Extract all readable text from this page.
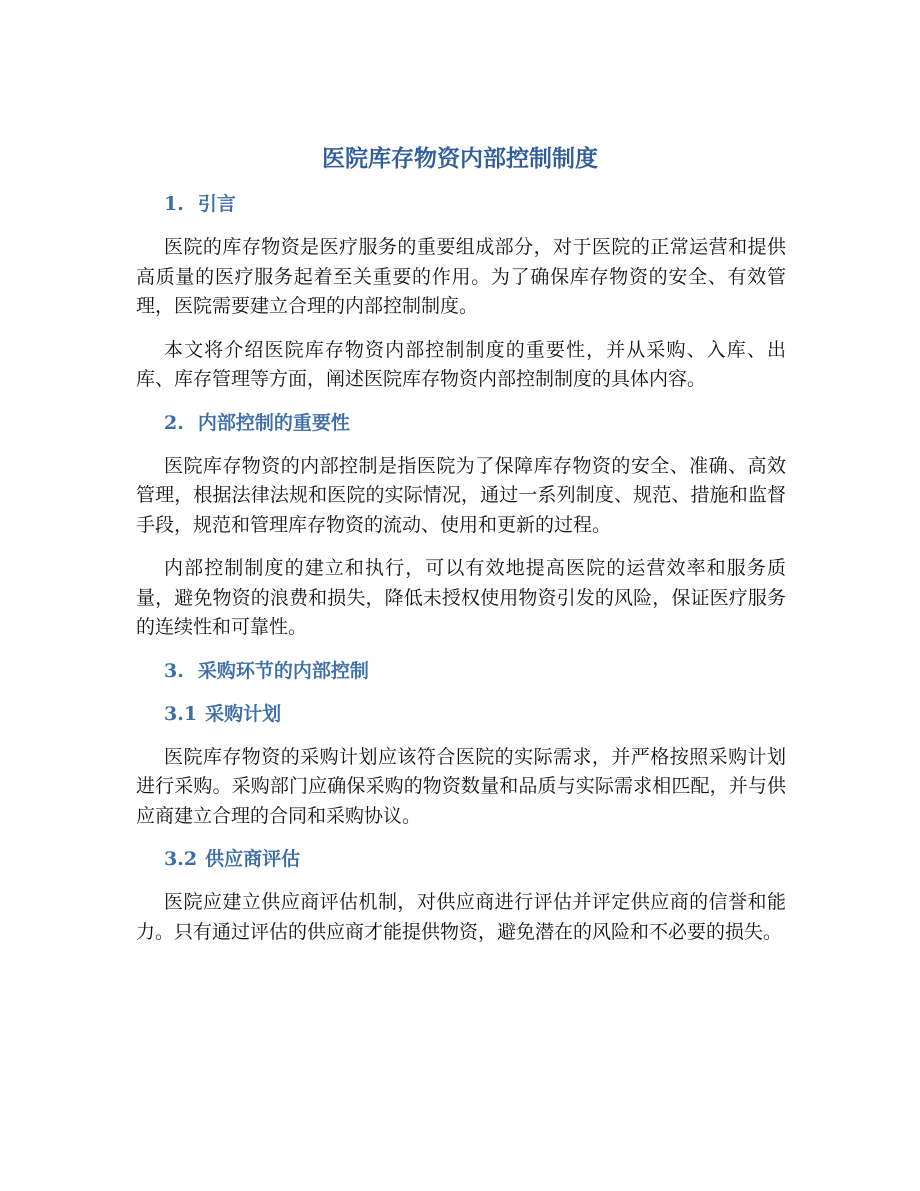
医院库存物资内部控制制度
1. 引言
医院的库存物资是医疗服务的重要组成部分，对于医院的正常运营和提供高质量的医疗服务起着至关重要的作用。为了确保库存物资的安全、有效管理，医院需要建立合理的内部控制制度。
本文将介绍医院库存物资内部控制制度的重要性，并从采购、入库、出库、库存管理等方面，阐述医院库存物资内部控制制度的具体内容。
2. 内部控制的重要性
医院库存物资的内部控制是指医院为了保障库存物资的安全、准确、高效管理，根据法律法规和医院的实际情况，通过一系列制度、规范、措施和监督手段，规范和管理库存物资的流动、使用和更新的过程。
内部控制制度的建立和执行，可以有效地提高医院的运营效率和服务质量，避免物资的浪费和损失，降低未授权使用物资引发的风险，保证医疗服务的连续性和可靠性。
3. 采购环节的内部控制
3.1 采购计划
医院库存物资的采购计划应该符合医院的实际需求，并严格按照采购计划进行采购。采购部门应确保采购的物资数量和品质与实际需求相匹配，并与供应商建立合理的合同和采购协议。
3.2 供应商评估
医院应建立供应商评估机制，对供应商进行评估并评定供应商的信誉和能力。只有通过评估的供应商才能提供物资，避免潜在的风险和不必要的损失。
